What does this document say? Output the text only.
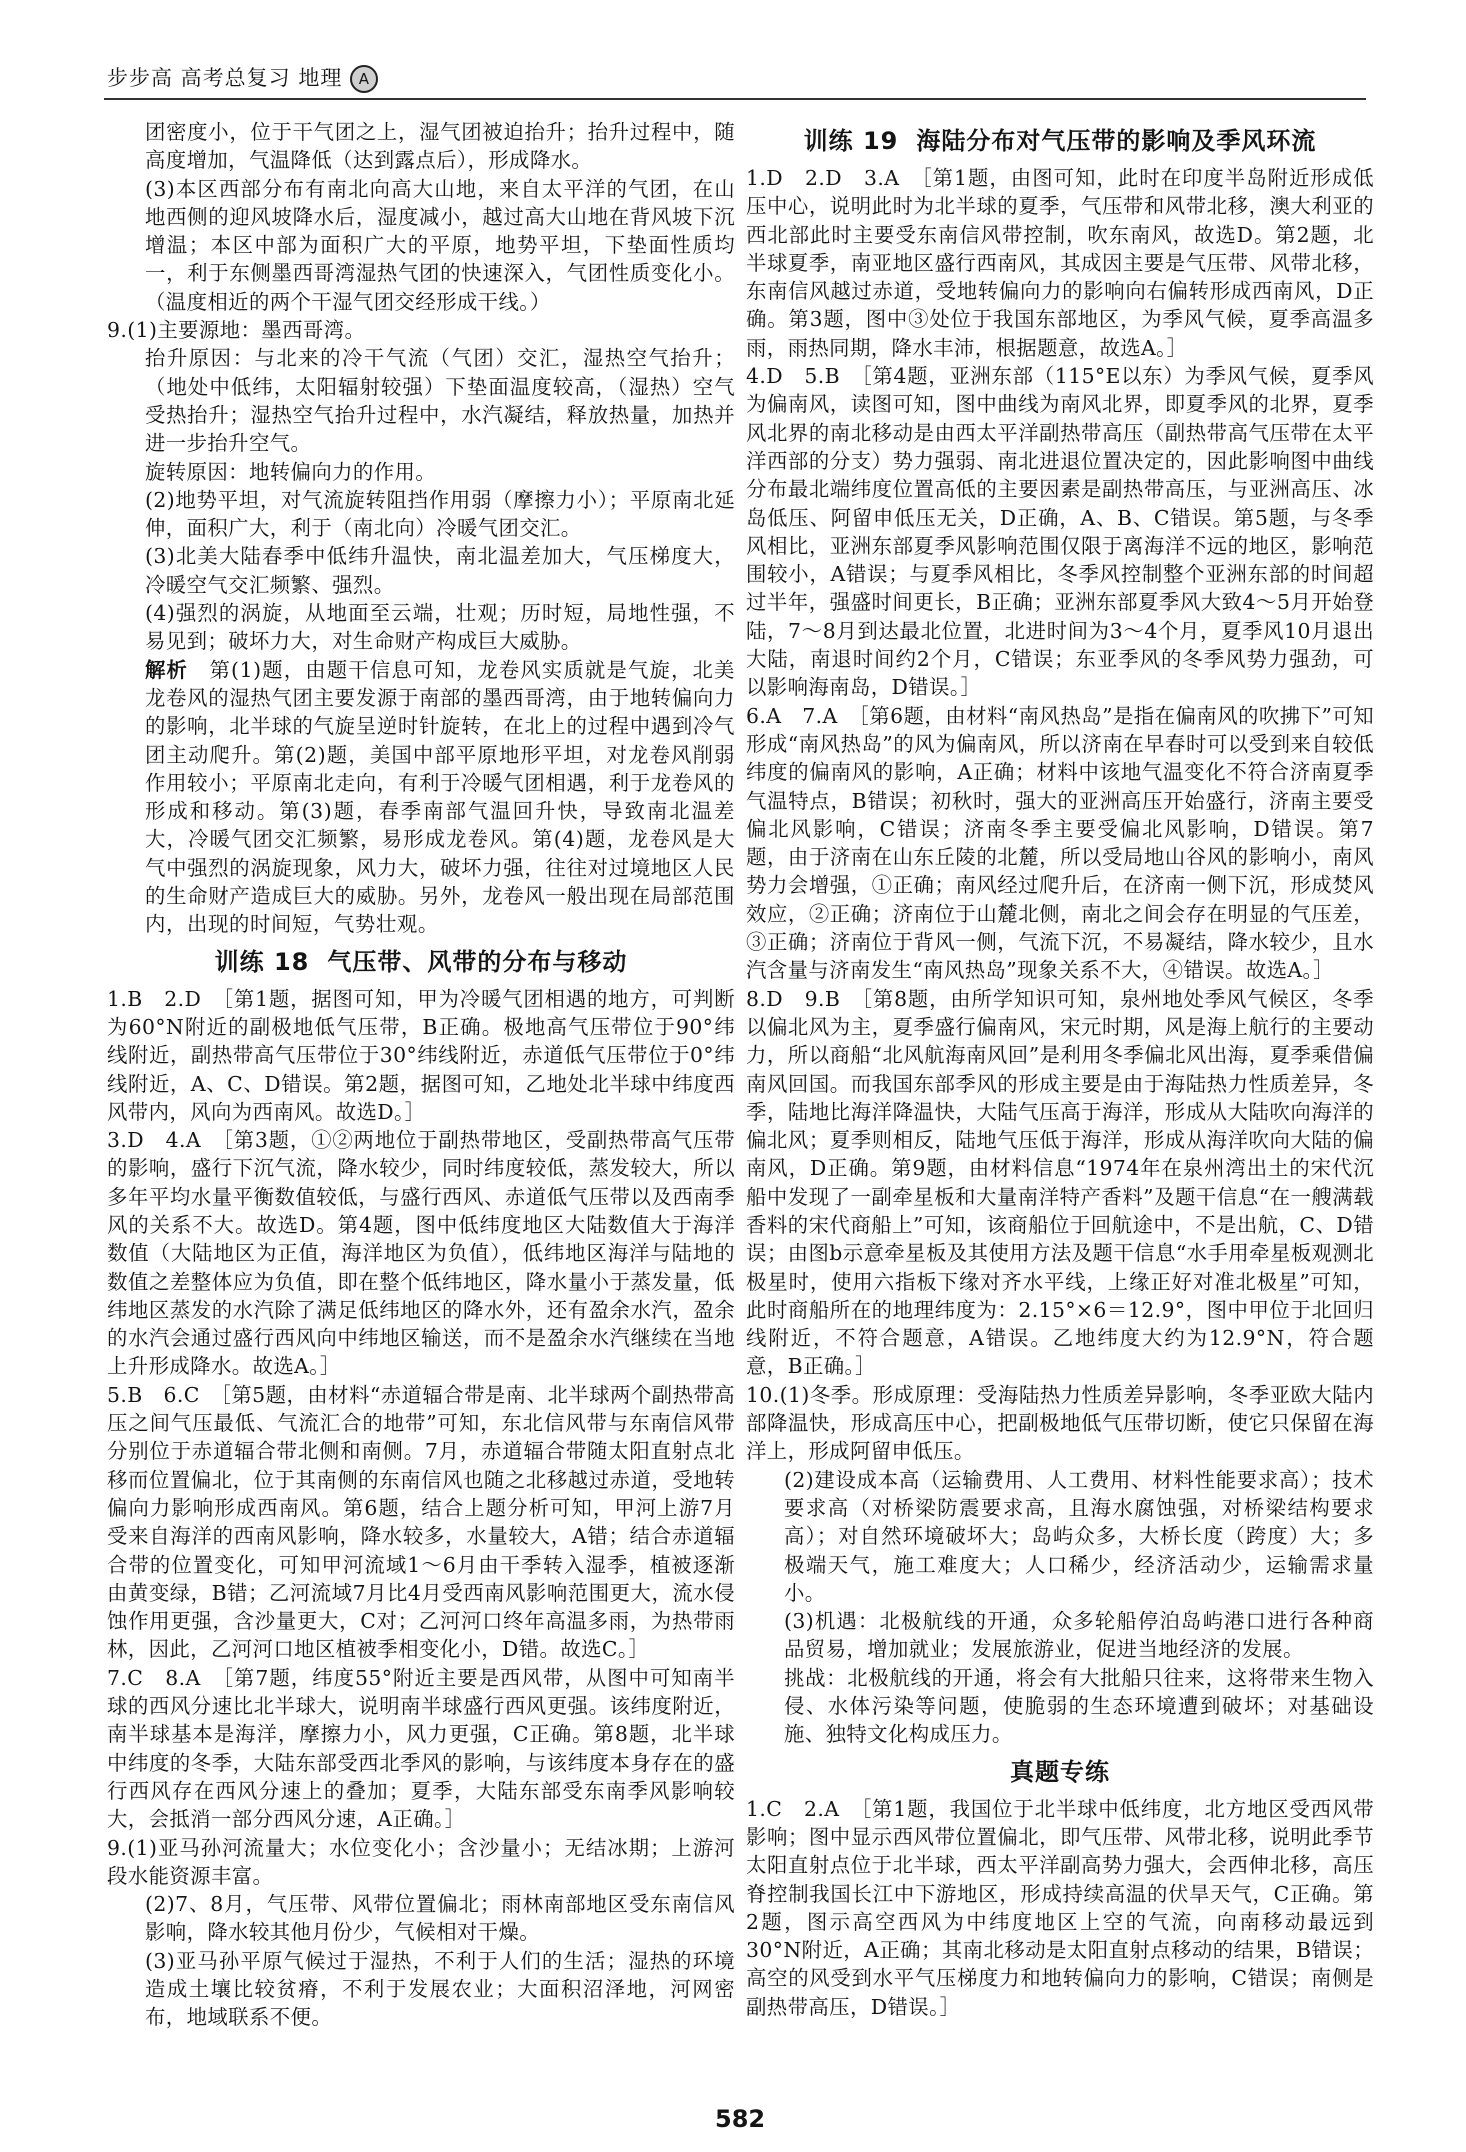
步步高 高考总复习 地理 A

团密度小，位于干气团之上，湿气团被迫抬升；抬升过程中，随高度增加，气温降低（达到露点后），形成降水。

(3)本区西部分布有南北向高大山地，来自太平洋的气团，在山地西侧的迎风坡降水后，湿度减小，越过高大山地在背风坡下沉增温；本区中部为面积广大的平原，地势平坦，下垫面性质均一，利于东侧墨西哥湾湿热气团的快速深入，气团性质变化小。（温度相近的两个干湿气团交经形成干线。）

9.(1)主要源地：墨西哥湾。

抬升原因：与北来的冷干气流（气团）交汇，湿热空气抬升；（地处中低纬，太阳辐射较强）下垫面温度较高，（湿热）空气受热抬升；湿热空气抬升过程中，水汽凝结，释放热量，加热并进一步抬升空气。

旋转原因：地转偏向力的作用。

(2)地势平坦，对气流旋转阻挡作用弱（摩擦力小）；平原南北延伸，面积广大，利于（南北向）冷暖气团交汇。

(3)北美大陆春季中低纬升温快，南北温差加大，气压梯度大，冷暖空气交汇频繁、强烈。

(4)强烈的涡旋，从地面至云端，壮观；历时短，局地性强，不易见到；破坏力大，对生命财产构成巨大威胁。

解析　第(1)题，由题干信息可知，龙卷风实质就是气旋，北美龙卷风的湿热气团主要发源于南部的墨西哥湾，由于地转偏向力的影响，北半球的气旋呈逆时针旋转，在北上的过程中遇到冷气团主动爬升。第(2)题，美国中部平原地形平坦，对龙卷风削弱作用较小；平原南北走向，有利于冷暖气团相遇，利于龙卷风的形成和移动。第(3)题，春季南部气温回升快，导致南北温差大，冷暖气团交汇频繁，易形成龙卷风。第(4)题，龙卷风是大气中强烈的涡旋现象，风力大，破坏力强，往往对过境地区人民的生命财产造成巨大的威胁。另外，龙卷风一般出现在局部范围内，出现的时间短，气势壮观。

训练 18 气压带、风带的分布与移动

1.B　2.D　［第1题，据图可知，甲为冷暖气团相遇的地方，可判断为60°N附近的副极地低气压带，B正确。极地高气压带位于90°纬线附近，副热带高气压带位于30°纬线附近，赤道低气压带位于0°纬线附近，A、C、D错误。第2题，据图可知，乙地处北半球中纬度西风带内，风向为西南风。故选D。］

3.D　4.A　［第3题，①②两地位于副热带地区，受副热带高气压带的影响，盛行下沉气流，降水较少，同时纬度较低，蒸发较大，所以多年平均水量平衡数值较低，与盛行西风、赤道低气压带以及西南季风的关系不大。故选D。第4题，图中低纬度地区大陆数值大于海洋数值（大陆地区为正值，海洋地区为负值），低纬地区海洋与陆地的数值之差整体应为负值，即在整个低纬地区，降水量小于蒸发量，低纬地区蒸发的水汽除了满足低纬地区的降水外，还有盈余水汽，盈余的水汽会通过盛行西风向中纬地区输送，而不是盈余水汽继续在当地上升形成降水。故选A。］

5.B　6.C　［第5题，由材料“赤道辐合带是南、北半球两个副热带高压之间气压最低、气流汇合的地带”可知，东北信风带与东南信风带分别位于赤道辐合带北侧和南侧。7月，赤道辐合带随太阳直射点北移而位置偏北，位于其南侧的东南信风也随之北移越过赤道，受地转偏向力影响形成西南风。第6题，结合上题分析可知，甲河上游7月受来自海洋的西南风影响，降水较多，水量较大，A错；结合赤道辐合带的位置变化，可知甲河流域1～6月由干季转入湿季，植被逐渐由黄变绿，B错；乙河流域7月比4月受西南风影响范围更大，流水侵蚀作用更强，含沙量更大，C对；乙河河口终年高温多雨，为热带雨林，因此，乙河河口地区植被季相变化小，D错。故选C。］

7.C　8.A　［第7题，纬度55°附近主要是西风带，从图中可知南半球的西风分速比北半球大，说明南半球盛行西风更强。该纬度附近，南半球基本是海洋，摩擦力小，风力更强，C正确。第8题，北半球中纬度的冬季，大陆东部受西北季风的影响，与该纬度本身存在的盛行西风存在西风分速上的叠加；夏季，大陆东部受东南季风影响较大，会抵消一部分西风分速，A正确。］

9.(1)亚马孙河流量大；水位变化小；含沙量小；无结冰期；上游河段水能资源丰富。

(2)7、8月，气压带、风带位置偏北；雨林南部地区受东南信风影响，降水较其他月份少，气候相对干燥。

(3)亚马孙平原气候过于湿热，不利于人们的生活；湿热的环境造成土壤比较贫瘠，不利于发展农业；大面积沼泽地，河网密布，地域联系不便。

训练 19 海陆分布对气压带的影响及季风环流

1.D　2.D　3.A　［第1题，由图可知，此时在印度半岛附近形成低压中心，说明此时为北半球的夏季，气压带和风带北移，澳大利亚的西北部此时主要受东南信风带控制，吹东南风，故选D。第2题，北半球夏季，南亚地区盛行西南风，其成因主要是气压带、风带北移，东南信风越过赤道，受地转偏向力的影响向右偏转形成西南风，D正确。第3题，图中③处位于我国东部地区，为季风气候，夏季高温多雨，雨热同期，降水丰沛，根据题意，故选A。］

4.D　5.B　［第4题，亚洲东部（115°E以东）为季风气候，夏季风为偏南风，读图可知，图中曲线为南风北界，即夏季风的北界，夏季风北界的南北移动是由西太平洋副热带高压（副热带高气压带在太平洋西部的分支）势力强弱、南北进退位置决定的，因此影响图中曲线分布最北端纬度位置高低的主要因素是副热带高压，与亚洲高压、冰岛低压、阿留申低压无关，D正确，A、B、C错误。第5题，与冬季风相比，亚洲东部夏季风影响范围仅限于离海洋不远的地区，影响范围较小，A错误；与夏季风相比，冬季风控制整个亚洲东部的时间超过半年，强盛时间更长，B正确；亚洲东部夏季风大致4～5月开始登陆，7～8月到达最北位置，北进时间为3～4个月，夏季风10月退出大陆，南退时间约2个月，C错误；东亚季风的冬季风势力强劲，可以影响海南岛，D错误。］

6.A　7.A　［第6题，由材料“南风热岛”是指在偏南风的吹拂下”可知形成“南风热岛”的风为偏南风，所以济南在早春时可以受到来自较低纬度的偏南风的影响，A正确；材料中该地气温变化不符合济南夏季气温特点，B错误；初秋时，强大的亚洲高压开始盛行，济南主要受偏北风影响，C错误；济南冬季主要受偏北风影响，D错误。第7题，由于济南在山东丘陵的北麓，所以受局地山谷风的影响小，南风势力会增强，①正确；南风经过爬升后，在济南一侧下沉，形成焚风效应，②正确；济南位于山麓北侧，南北之间会存在明显的气压差，③正确；济南位于背风一侧，气流下沉，不易凝结，降水较少，且水汽含量与济南发生“南风热岛”现象关系不大，④错误。故选A。］

8.D　9.B　［第8题，由所学知识可知，泉州地处季风气候区，冬季以偏北风为主，夏季盛行偏南风，宋元时期，风是海上航行的主要动力，所以商船“北风航海南风回”是利用冬季偏北风出海，夏季乘借偏南风回国。而我国东部季风的形成主要是由于海陆热力性质差异，冬季，陆地比海洋降温快，大陆气压高于海洋，形成从大陆吹向海洋的偏北风；夏季则相反，陆地气压低于海洋，形成从海洋吹向大陆的偏南风，D正确。第9题，由材料信息“1974年在泉州湾出土的宋代沉船中发现了一副牵星板和大量南洋特产香料”及题干信息“在一艘满载香料的宋代商船上”可知，该商船位于回航途中，不是出航，C、D错误；由图b示意牵星板及其使用方法及题干信息“水手用牵星板观测北极星时，使用六指板下缘对齐水平线，上缘正好对准北极星”可知，此时商船所在的地理纬度为：2.15°×6＝12.9°，图中甲位于北回归线附近，不符合题意，A错误。乙地纬度大约为12.9°N，符合题意，B正确。］

10.(1)冬季。形成原理：受海陆热力性质差异影响，冬季亚欧大陆内部降温快，形成高压中心，把副极地低气压带切断，使它只保留在海洋上，形成阿留申低压。

(2)建设成本高（运输费用、人工费用、材料性能要求高）；技术要求高（对桥梁防震要求高，且海水腐蚀强，对桥梁结构要求高）；对自然环境破坏大；岛屿众多，大桥长度（跨度）大；多极端天气，施工难度大；人口稀少，经济活动少，运输需求量小。

(3)机遇：北极航线的开通，众多轮船停泊岛屿港口进行各种商品贸易，增加就业；发展旅游业，促进当地经济的发展。

挑战：北极航线的开通，将会有大批船只往来，这将带来生物入侵、水体污染等问题，使脆弱的生态环境遭到破坏；对基础设施、独特文化构成压力。

真题专练

1.C　2.A　［第1题，我国位于北半球中低纬度，北方地区受西风带影响；图中显示西风带位置偏北，即气压带、风带北移，说明此季节太阳直射点位于北半球，西太平洋副高势力强大，会西伸北移，高压脊控制我国长江中下游地区，形成持续高温的伏旱天气，C正确。第2题，图示高空西风为中纬度地区上空的气流，向南移动最远到30°N附近，A正确；其南北移动是太阳直射点移动的结果，B错误；高空的风受到水平气压梯度力和地转偏向力的影响，C错误；南侧是副热带高压，D错误。］

582
